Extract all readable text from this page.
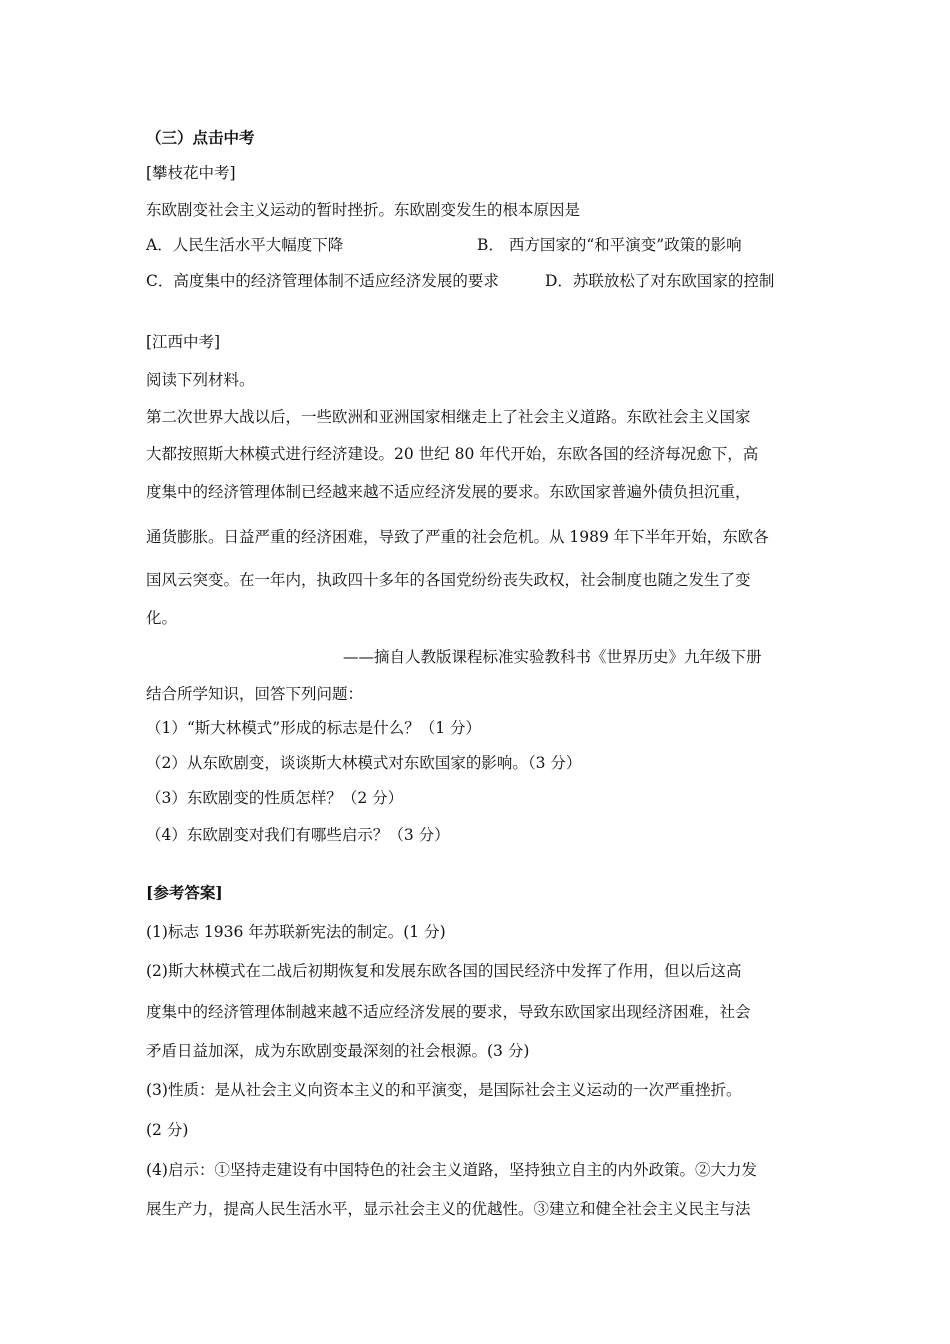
（三）点击中考
[攀枝花中考]
东欧剧变社会主义运动的暂时挫折。东欧剧变发生的根本原因是
A．人民生活水平大幅度下降	B． 西方国家的“和平演变”政策的影响
C．高度集中的经济管理体制不适应经济发展的要求	D．苏联放松了对东欧国家的控制
[江西中考]
阅读下列材料。
第二次世界大战以后，一些欧洲和亚洲国家相继走上了社会主义道路。东欧社会主义国家
大都按照斯大林模式进行经济建设。20 世纪 80 年代开始，东欧各国的经济每况愈下，高
度集中的经济管理体制已经越来越不适应经济发展的要求。东欧国家普遍外债负担沉重，
通货膨胀。日益严重的经济困难，导致了严重的社会危机。从 1989 年下半年开始，东欧各
国风云突变。在一年内，执政四十多年的各国党纷纷丧失政权，社会制度也随之发生了变
化。
——摘自人教版课程标准实验教科书《世界历史》九年级下册
结合所学知识，回答下列问题：
（1）“斯大林模式”形成的标志是什么？（1 分）
（2）从东欧剧变，谈谈斯大林模式对东欧国家的影响。（3 分）
（3）东欧剧变的性质怎样？（2 分）
（4）东欧剧变对我们有哪些启示？（3 分）
[参考答案]
(1)标志 1936 年苏联新宪法的制定。(1 分)
(2)斯大林模式在二战后初期恢复和发展东欧各国的国民经济中发挥了作用，但以后这高
度集中的经济管理体制越来越不适应经济发展的要求，导致东欧国家出现经济困难，社会
矛盾日益加深，成为东欧剧变最深刻的社会根源。(3 分)
(3)性质：是从社会主义向资本主义的和平演变，是国际社会主义运动的一次严重挫折。
(2 分)
(4)启示：①坚持走建设有中国特色的社会主义道路，坚持独立自主的内外政策。②大力发
展生产力，提高人民生活水平，显示社会主义的优越性。③建立和健全社会主义民主与法
